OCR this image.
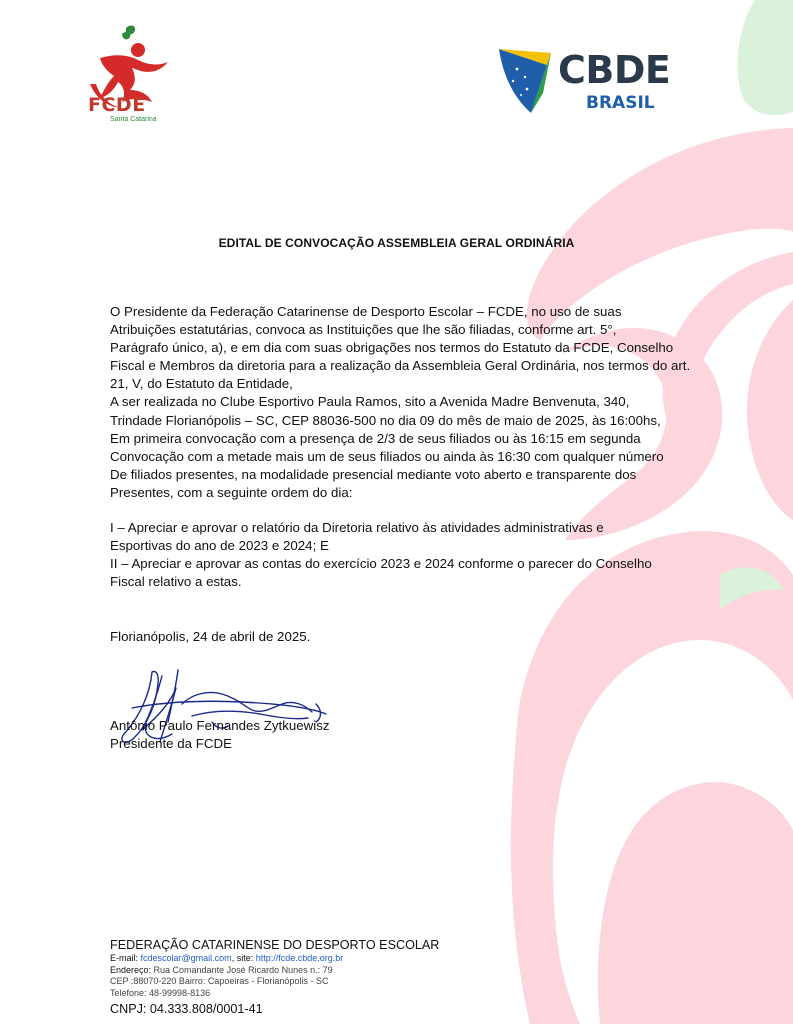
FCDE
Santa Catarina
CBDE
BRASIL
EDITAL DE CONVOCAÇÃO ASSEMBLEIA GERAL ORDINÁRIA
O Presidente da Federação Catarinense de Desporto Escolar – FCDE, no uso de suas
Atribuições estatutárias, convoca as Instituições que lhe são filiadas, conforme art. 5°,
Parágrafo único, a), e em dia com suas obrigações nos termos do Estatuto da FCDE, Conselho
Fiscal e Membros da diretoria para a realização da Assembleia Geral Ordinária, nos termos do art.
21, V, do Estatuto da Entidade,
A ser realizada no Clube Esportivo Paula Ramos, sito a Avenida Madre Benvenuta, 340,
Trindade Florianópolis – SC, CEP 88036-500 no dia 09 do mês de maio de 2025, às 16:00hs,
Em primeira convocação com a presença de 2/3 de seus filiados ou às 16:15 em segunda
Convocação com a metade mais um de seus filiados ou ainda às 16:30 com qualquer número
De filiados presentes, na modalidade presencial mediante voto aberto e transparente dos
Presentes, com a seguinte ordem do dia:
I – Apreciar e aprovar o relatório da Diretoria relativo às atividades administrativas e
Esportivas do ano de 2023 e 2024; E
II – Apreciar e aprovar as contas do exercício 2023 e 2024 conforme o parecer do Conselho
Fiscal relativo a estas.
Florianópolis, 24 de abril de 2025.
Antônio Paulo Fernandes Zytkuewisz
Presidente da FCDE
FEDERAÇÃO CATARINENSE DO DESPORTO ESCOLAR
E-mail: fcdescolar@gmail.com, site: http://fcde.cbde.org.br
Endereço: Rua Comandante José Ricardo Nunes n.: 79
CEP :88070-220 Bairro: Capoeiras - Florianópolis - SC
Telefone: 48-99998-8136
CNPJ: 04.333.808/0001-41
